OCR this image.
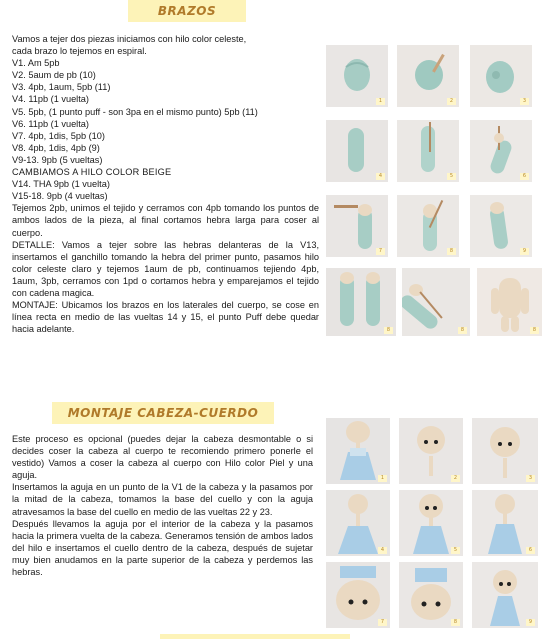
BRAZOS

Vamos a tejer dos piezas iniciamos con hilo color celeste,

cada brazo lo tejemos en espiral.

V1. Am 5pb

V2. 5aum de pb (10)

V3. 4pb, 1aum, 5pb (11)

V4. 11pb (1 vuelta)

V5. 5pb, (1 punto puff - son 3pa en el mismo punto) 5pb (11)

V6. 11pb (1 vuelta)

V7. 4pb, 1dis, 5pb (10)

V8. 4pb, 1dis, 4pb (9)

V9-13. 9pb (5 vueltas)

CAMBIAMOS A HILO COLOR BEIGE

V14. THA 9pb (1 vuelta)

V15-18. 9pb (4 vueltas)

Tejemos 2pb, unimos el tejido y cerramos con 4pb tomando los puntos de ambos lados de la pieza, al final cortamos hebra larga para coser al cuerpo.

DETALLE: Vamos a tejer sobre las hebras delanteras de la V13, insertamos el ganchillo tomando la hebra del primer punto, pasamos hilo color celeste claro y tejemos 1aum de pb, continuamos tejiendo 4pb, 1aum, 3pb, cerramos con 1pd o cortamos hebra y emparejamos el tejido con cadena magica.

MONTAJE: Ubicamos los brazos en los laterales del cuerpo, se cose en línea recta en medio de las vueltas 14 y 15, el punto Puff debe quedar hacia adelante.

1	2	3
4	5	6
7	8	9
8	8	8
MONTAJE CABEZA-CUERDO

Este proceso es opcional (puedes dejar la cabeza desmontable o si decides coser la cabeza al cuerpo te recomiendo primero ponerle el vestido) Vamos a coser la cabeza al cuerpo con Hilo color Piel y una aguja.

Insertamos la aguja en un punto de la V1 de la cabeza y la pasamos por la mitad de la cabeza, tomamos la base del cuello y con la aguja atravesamos la base del cuello en medio de las vueltas 22 y 23.

Después llevamos la aguja por el interior de la cabeza y la pasamos hacia la primera vuelta de la cabeza. Generamos tensión de ambos lados del hilo e insertamos el cuello dentro de la cabeza, después de sujetar muy bien anudamos en la parte superior de la cabeza y perdemos las hebras.

1	2	3
4	5	6
7	8	9
